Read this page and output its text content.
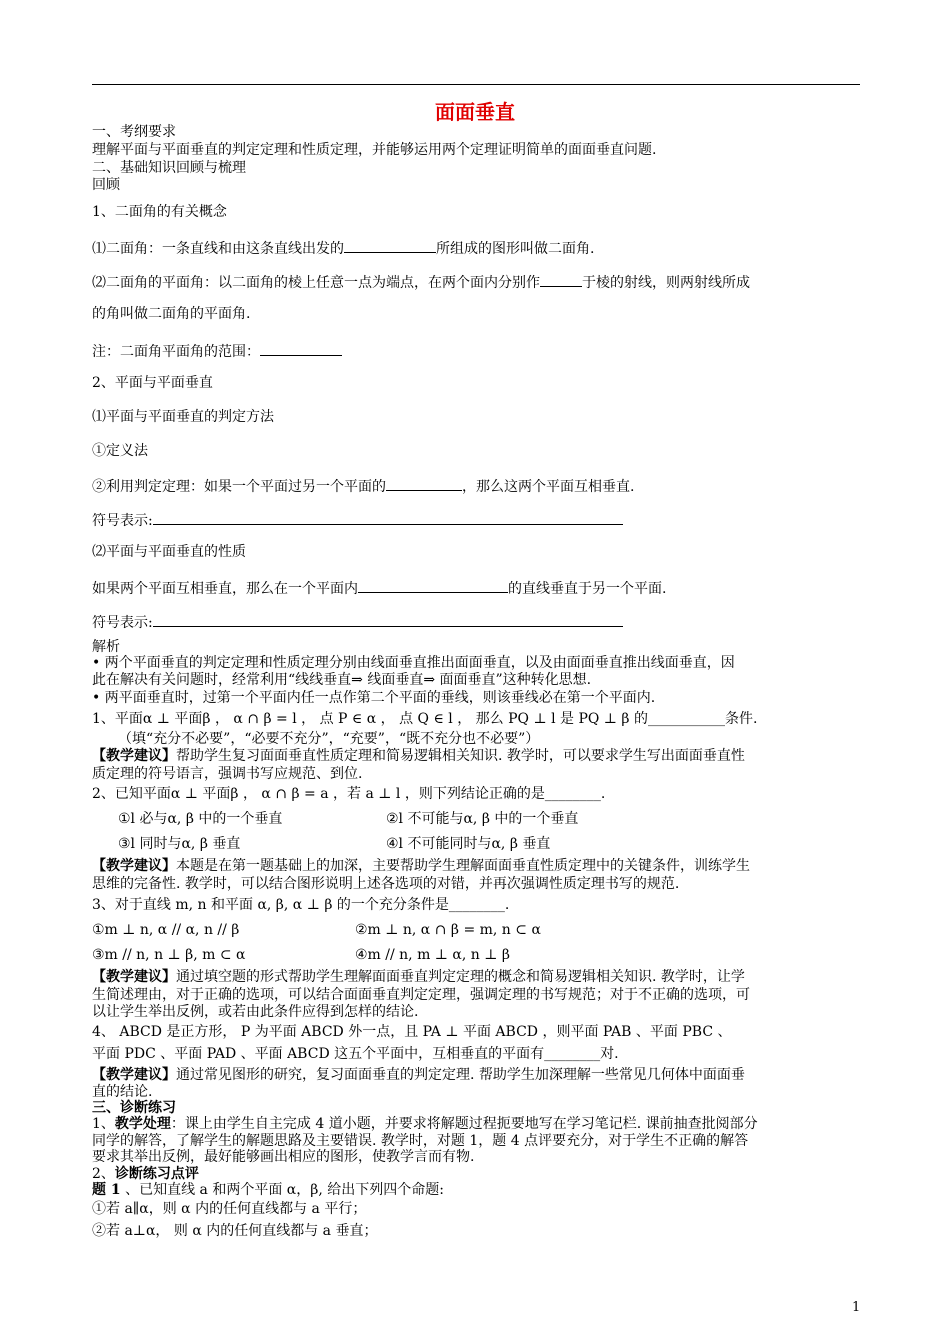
面面垂直
一、考纲要求
理解平面与平面垂直的判定定理和性质定理，并能够运用两个定理证明简单的面面垂直问题.
二、基础知识回顾与梳理
回顾
1、二面角的有关概念
⑴二面角：一条直线和由这条直线出发的	所组成的图形叫做二面角.
⑵二面角的平面角：以二面角的棱上任意一点为端点，在两个面内分别作	于棱的射线，则两射线所成
的角叫做二面角的平面角.
注：二面角平面角的范围：
2、平面与平面垂直
⑴平面与平面垂直的判定方法
①定义法
②利用判定定理：如果一个平面过另一个平面的	，那么这两个平面互相垂直.
符号表示:
⑵平面与平面垂直的性质
如果两个平面互相垂直，那么在一个平面内	的直线垂直于另一个平面.
符号表示:
解析
• 两个平面垂直的判定定理和性质定理分别由线面垂直推出面面垂直，以及由面面垂直推出线面垂直，因
此在解决有关问题时，经常利用“线线垂直⇒ 线面垂直⇒ 面面垂直”这种转化思想.
• 两平面垂直时，过第一个平面内任一点作第二个平面的垂线，则该垂线必在第一个平面内.
1、平面α ⊥ 平面β ， α ∩ β = l ， 点 P ∈ α ， 点 Q ∈ l ， 那么 PQ ⊥ l 是 PQ ⊥ β 的___________条件.
（填“充分不必要”，“必要不充分”，“充要”，“既不充分也不必要”）
【教学建议】帮助学生复习面面垂直性质定理和简易逻辑相关知识. 教学时，可以要求学生写出面面垂直性
质定理的符号语言，强调书写应规范、到位.
2、已知平面α ⊥ 平面β ， α ∩ β = a ，若 a ⊥ l ，则下列结论正确的是________.
①l 必与α, β 中的一个垂直	②l 不可能与α, β 中的一个垂直
③l 同时与α, β 垂直	④l 不可能同时与α, β 垂直
【教学建议】本题是在第一题基础上的加深，主要帮助学生理解面面垂直性质定理中的关键条件，训练学生
思维的完备性. 教学时，可以结合图形说明上述各选项的对错，并再次强调性质定理书写的规范.
3、对于直线 m, n 和平面 α, β, α ⊥ β 的一个充分条件是________.
①m ⊥ n, α // α, n // β	②m ⊥ n, α ∩ β = m, n ⊂ α
③m // n, n ⊥ β, m ⊂ α	④m // n, m ⊥ α, n ⊥ β
【教学建议】通过填空题的形式帮助学生理解面面垂直判定定理的概念和简易逻辑相关知识. 教学时，让学
生简述理由，对于正确的选项，可以结合面面垂直判定定理，强调定理的书写规范；对于不正确的选项，可
以让学生举出反例，或若由此条件应得到怎样的结论.
4、 ABCD 是正方形， P 为平面 ABCD 外一点，且 PA ⊥ 平面 ABCD ，则平面 PAB 、平面 PBC 、
平面 PDC 、平面 PAD 、平面 ABCD 这五个平面中，互相垂直的平面有________对.
【教学建议】通过常见图形的研究，复习面面垂直的判定定理. 帮助学生加深理解一些常见几何体中面面垂
直的结论.
三、诊断练习
1、教学处理：课上由学生自主完成 4 道小题，并要求将解题过程扼要地写在学习笔记栏. 课前抽查批阅部分
同学的解答，了解学生的解题思路及主要错误. 教学时，对题 1，题 4 点评要充分，对于学生不正确的解答
要求其举出反例，最好能够画出相应的图形，使教学言而有物.
2、诊断练习点评
题 1 、已知直线 a 和两个平面 α，β, 给出下列四个命题:
①若 a∥α，则 α 内的任何直线都与 a 平行；
②若 a⊥α， 则 α 内的任何直线都与 a 垂直；
1
